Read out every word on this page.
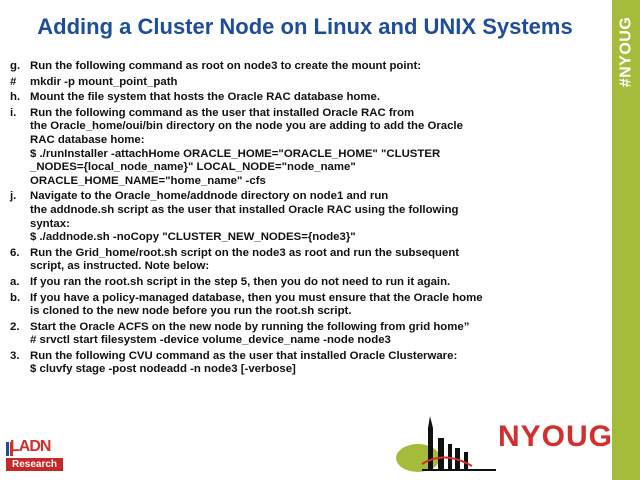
Adding a Cluster Node on Linux and UNIX Systems	#NYOUG
g. Run the following command as root on node3 to create the mount point:
#	mkdir -p mount_point_path
h. Mount the file system that hosts the Oracle RAC database home.
i.	Run the following command as the user that installed Oracle RAC from
the Oracle_home/oui/bin directory on the node you are adding to add the Oracle
RAC database home:
$ ./runInstaller -attachHome ORACLE_HOME="ORACLE_HOME" "CLUSTER
_NODES={local_node_name}" LOCAL_NODE="node_name"
ORACLE_HOME_NAME="home_name" -cfs
j.	Navigate to the Oracle_home/addnode directory on node1 and run
the addnode.sh script as the user that installed Oracle RAC using the following
syntax:
$ ./addnode.sh -noCopy "CLUSTER_NEW_NODES={node3}"
6. Run the Grid_home/root.sh script on the node3 as root and run the subsequent
script, as instructed. Note below:
a. If you ran the root.sh script in the step 5, then you do not need to run it again.
b. If you have a policy-managed database, then you must ensure that the Oracle home
is cloned to the new node before you run the root.sh script.
2. Start the Oracle ACFS on the new node by running the following from grid home”
# srvctl start filesystem -device volume_device_name -node node3
3. Run the following CVU command as the user that installed Oracle Clusterware:
$ cluvfy stage -post nodeadd -n node3 [-verbose]
LADN
Research
NYOUG
